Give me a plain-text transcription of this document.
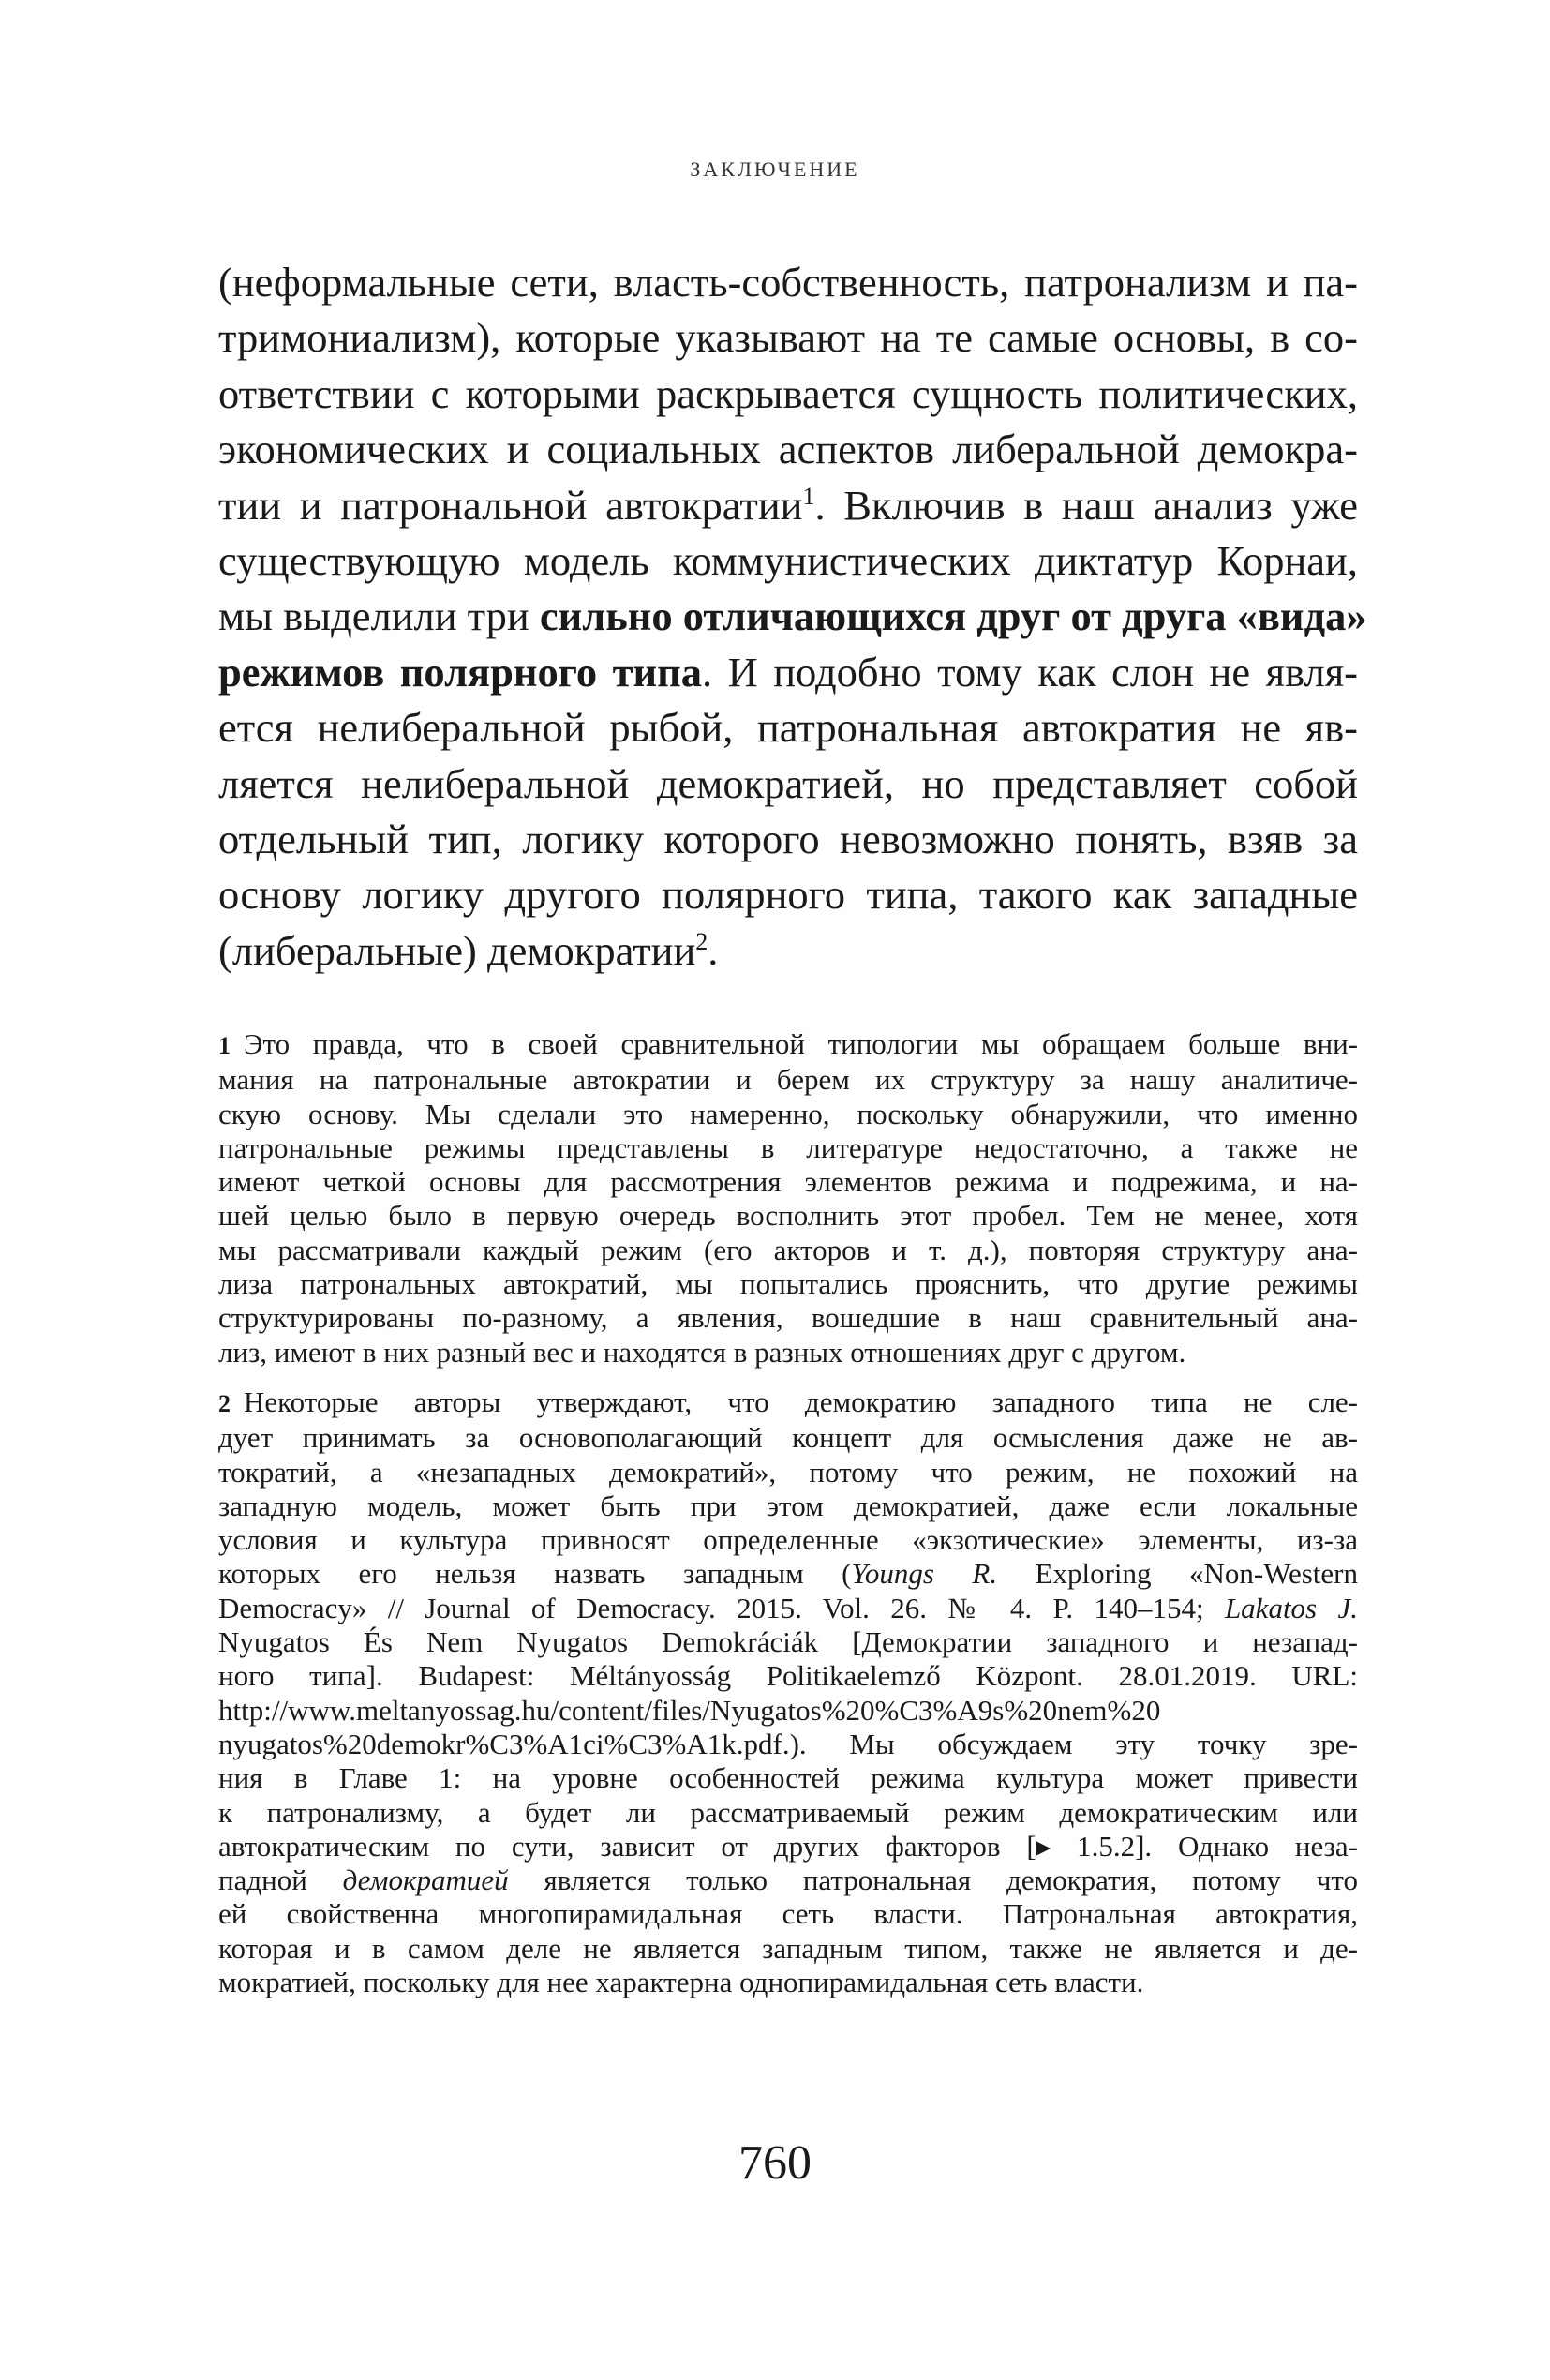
ЗАКЛЮЧЕНИЕ
(неформальные сети, власть-собственность, патронализм и па-
тримониализм), которые указывают на те самые основы, в со-
ответствии с которыми раскрывается сущность политических,
экономических и социальных аспектов либеральной демокра-
тии и патрональной автократии$^1$. Включив в наш анализ уже
существующую модель коммунистических диктатур Корнаи,
мы выделили три сильно отличающихся друг от друга «вида»
режимов полярного типа. И подобно тому как слон не явля-
ется нелиберальной рыбой, патрональная автократия не яв-
ляется нелиберальной демократией, но представляет собой
отдельный тип, логику которого невозможно понять, взяв за
основу логику другого полярного типа, такого как западные
(либеральные) демократии$^2$.
1 Это правда, что в своей сравнительной типологии мы обращаем больше вни-
мания на патрональные автократии и берем их структуру за нашу аналитиче-
скую основу. Мы сделали это намеренно, поскольку обнаружили, что именно
патрональные режимы представлены в литературе недостаточно, а также не
имеют четкой основы для рассмотрения элементов режима и подрежима, и на-
шей целью было в первую очередь восполнить этот пробел. Тем не менее, хотя
мы рассматривали каждый режим (его акторов и т. д.), повторяя структуру ана-
лиза патрональных автократий, мы попытались прояснить, что другие режимы
структурированы по-разному, а явления, вошедшие в наш сравнительный ана-
лиз, имеют в них разный вес и находятся в разных отношениях друг с другом.
2 Некоторые авторы утверждают, что демократию западного типа не сле-
дует принимать за основополагающий концепт для осмысления даже не ав-
тократий, а «незападных демократий», потому что режим, не похожий на
западную модель, может быть при этом демократией, даже если локальные
условия и культура привносят определенные «экзотические» элементы, из-за
которых его нельзя назвать западным (Youngs R. Exploring «Non-Western
Democracy» // Journal of Democracy. 2015. Vol. 26. № 4. P. 140–154; Lakatos J.
Nyugatos És Nem Nyugatos Demokráciák [Демократии западного и незапад-
ного типа]. Budapest: Méltányosság Politikaelemző Központ. 28.01.2019. URL:
http://www.meltanyossag.hu/content/files/Nyugatos%20%C3%A9s%20nem%20
nyugatos%20demokr%C3%A1ci%C3%A1k.pdf.). Мы обсуждаем эту точку зре-
ния в Главе 1: на уровне особенностей режима культура может привести
к патронализму, а будет ли рассматриваемый режим демократическим или
автократическим по сути, зависит от других факторов [▸ 1.5.2]. Однако неза-
падной демократией является только патрональная демократия, потому что
ей свойственна многопирамидальная сеть власти. Патрональная автократия,
которая и в самом деле не является западным типом, также не является и де-
мократией, поскольку для нее характерна однопирамидальная сеть власти.
760
